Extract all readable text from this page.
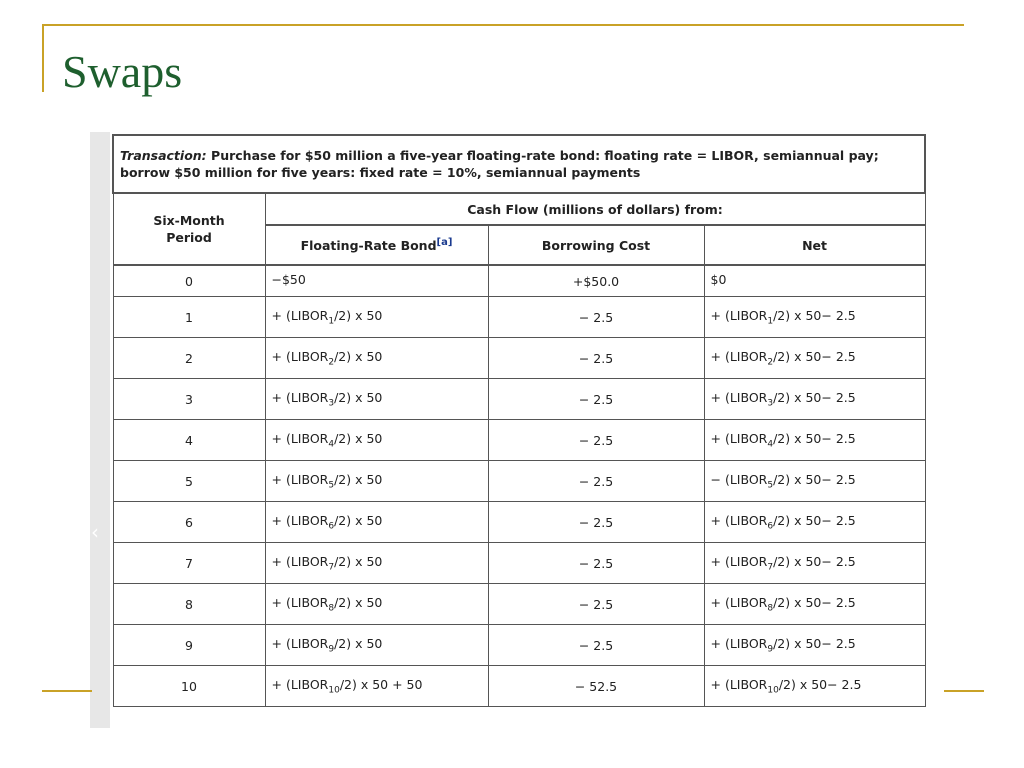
Swaps
‹	›
Transaction: Purchase for $50 million a five-year floating-rate bond: floating rate = LIBOR, semiannual pay; borrow $50 million for five years: fixed rate = 10%, semiannual payments			
Six-Month
Period	Cash Flow (millions of dollars) from:		
	Floating-Rate Bond[a]	Borrowing Cost	Net
0	−$50	+$50.0	$0
1	+ $(LIBOR_1/2)$ x 50	− 2.5	+ $(LIBOR_1/2)$ x 50− 2.5
2	+ $(LIBOR_2/2)$ x 50	− 2.5	+ $(LIBOR_2/2)$ x 50− 2.5
3	+ $(LIBOR_3/2)$ x 50	− 2.5	+ $(LIBOR_3/2)$ x 50− 2.5
4	+ $(LIBOR_4/2)$ x 50	− 2.5	+ $(LIBOR_4/2)$ x 50− 2.5
5	+ $(LIBOR_5/2)$ x 50	− 2.5	− $(LIBOR_5/2)$ x 50− 2.5
6	+ $(LIBOR_6/2)$ x 50	− 2.5	+ $(LIBOR_6/2)$ x 50− 2.5
7	+ $(LIBOR_7/2)$ x 50	− 2.5	+ $(LIBOR_7/2)$ x 50− 2.5
8	+ $(LIBOR_8/2)$ x 50	− 2.5	+ $(LIBOR_8/2)$ x 50− 2.5
9	+ $(LIBOR_9/2)$ x 50	− 2.5	+ $(LIBOR_9/2)$ x 50− 2.5
10	+ $(LIBOR_{10}/2)$ x 50 + 50	− 52.5	+ $(LIBOR_{10}/2)$ x 50− 2.5
